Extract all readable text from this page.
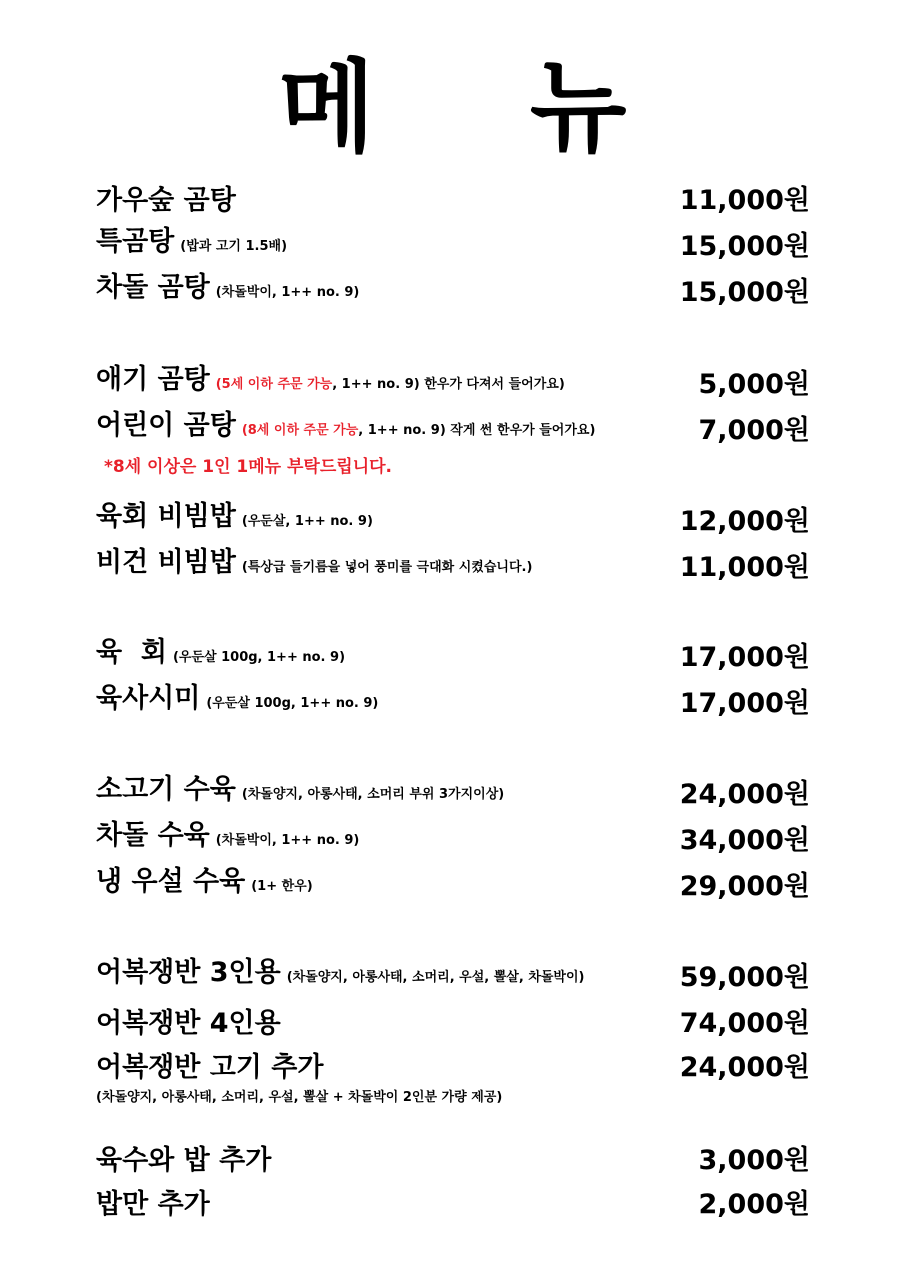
메 뉴
가우숲 곰탕	11,000원
특곰탕 (밥과 고기 1.5배)	15,000원
차돌 곰탕 (차돌박이, 1++ no. 9)	15,000원
애기 곰탕 (5세 이하 주문 가능, 1++ no. 9) 한우가 다져서 들어가요)	5,000원
어린이 곰탕 (8세 이하 주문 가능, 1++ no. 9) 작게 썬 한우가 들어가요)	7,000원
*8세 이상은 1인 1메뉴 부탁드립니다.
육회 비빔밥 (우둔살, 1++ no. 9)	12,000원
비건 비빔밥 (특상급 들기름을 넣어 풍미를 극대화 시켰습니다.)	11,000원
육  회 (우둔살 100g, 1++ no. 9)	17,000원
육사시미 (우둔살 100g, 1++ no. 9)	17,000원
소고기 수육 (차돌양지, 아롱사태, 소머리 부위 3가지이상)	24,000원
차돌 수육 (차돌박이, 1++ no. 9)	34,000원
냉 우설 수육 (1+ 한우)	29,000원
어복쟁반 3인용 (차돌양지, 아롱사태, 소머리, 우설, 뽈살, 차돌박이)	59,000원
어복쟁반 4인용	74,000원
어복쟁반 고기 추가	24,000원
(차돌양지, 아롱사태, 소머리, 우설, 뽈살 + 차돌박이 2인분 가량 제공)
육수와 밥 추가	3,000원
밥만 추가	2,000원
